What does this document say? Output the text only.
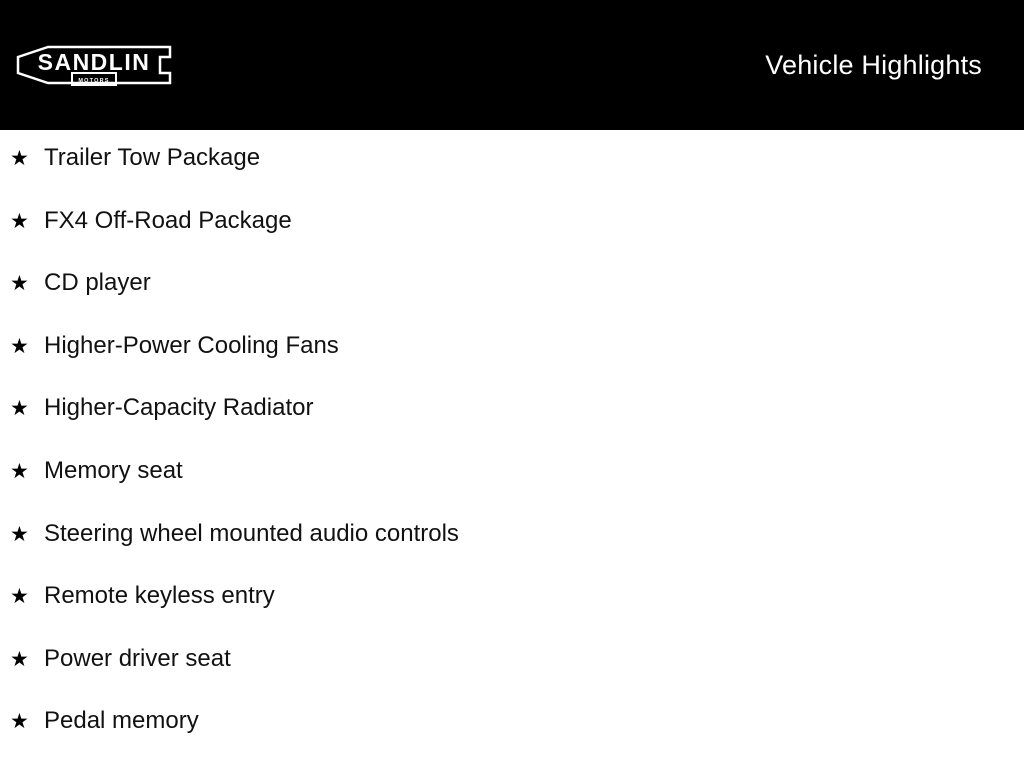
SANDLIN
MOTORS
Vehicle Highlights
★ Trailer Tow Package
★ FX4 Off-Road Package
★ CD player
★ Higher-Power Cooling Fans
★ Higher-Capacity Radiator
★ Memory seat
★ Steering wheel mounted audio controls
★ Remote keyless entry
★ Power driver seat
★ Pedal memory
